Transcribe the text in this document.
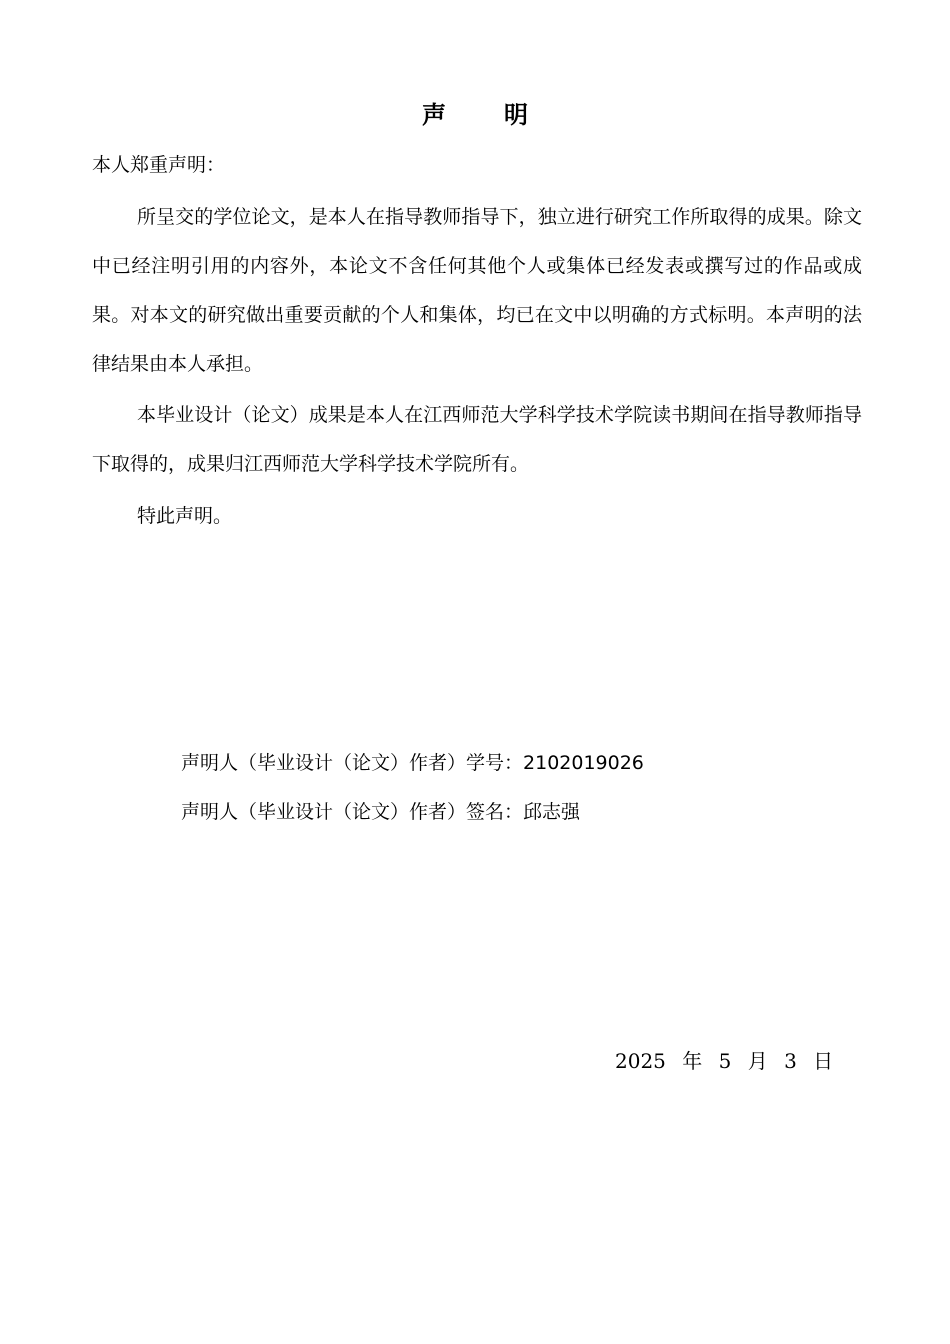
声明
本人郑重声明：

所呈交的学位论文，是本人在指导教师指导下，独立进行研究工作所取得的成果。除文中已经注明引用的内容外，本论文不含任何其他个人或集体已经发表或撰写过的作品或成果。对本文的研究做出重要贡献的个人和集体，均已在文中以明确的方式标明。本声明的法律结果由本人承担。

本毕业设计（论文）成果是本人在江西师范大学科学技术学院读书期间在指导教师指导下取得的，成果归江西师范大学科学技术学院所有。

特此声明。

声明人（毕业设计（论文）作者）学号：2102019026
声明人（毕业设计（论文）作者）签名：邱志强
2025 年 5 月 3 日
